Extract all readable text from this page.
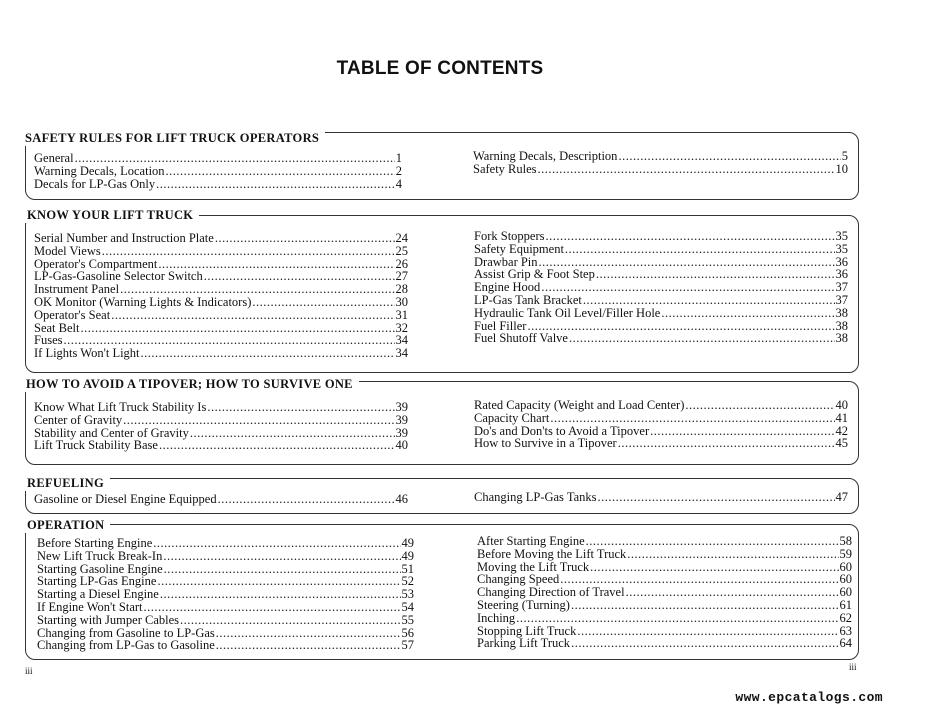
TABLE OF CONTENTS
SAFETY RULES FOR LIFT TRUCK OPERATORS
General .....	1
Warning Decals, Location .....	2
Decals for LP-Gas Only .....	4
Warning Decals, Description .....	5
Safety Rules .....	10
KNOW YOUR LIFT TRUCK
Serial Number and Instruction Plate .....	24
Model Views .....	25
Operator's Compartment .....	26
LP-Gas-Gasoline Selector Switch .....	27
Instrument Panel .....	28
OK Monitor (Warning Lights & Indicators) .....	30
Operator's Seat .....	31
Seat Belt .....	32
Fuses .....	34
If Lights Won't Light .....	34
Fork Stoppers .....	35
Safety Equipment .....	35
Drawbar Pin .....	36
Assist Grip & Foot Step .....	36
Engine Hood .....	37
LP-Gas Tank Bracket .....	37
Hydraulic Tank Oil Level/Filler Hole .....	38
Fuel Filler .....	38
Fuel Shutoff Valve .....	38
HOW TO AVOID A TIPOVER; HOW TO SURVIVE ONE
Know What Lift Truck Stability Is .....	39
Center of Gravity .....	39
Stability and Center of Gravity .....	39
Lift Truck Stability Base .....	40
Rated Capacity (Weight and Load Center) .....	40
Capacity Chart .....	41
Do's and Don'ts to Avoid a Tipover .....	42
How to Survive in a Tipover .....	45
REFUELING
Gasoline or Diesel Engine Equipped .....	46	Changing LP-Gas Tanks .....	47
OPERATION
Before Starting Engine .....	49
New Lift Truck Break-In .....	49
Starting Gasoline Engine .....	51
Starting LP-Gas Engine .....	52
Starting a Diesel Engine .....	53
If Engine Won't Start .....	54
Starting with Jumper Cables .....	55
Changing from Gasoline to LP-Gas .....	56
Changing from LP-Gas to Gasoline .....	57
After Starting Engine .....	58
Before Moving the Lift Truck .....	59
Moving the Lift Truck .....	60
Changing Speed .....	60
Changing Direction of Travel .....	60
Steering (Turning) .....	61
Inching .....	62
Stopping Lift Truck .....	63
Parking Lift Truck .....	64
iii	iii
www.epcatalogs.com
